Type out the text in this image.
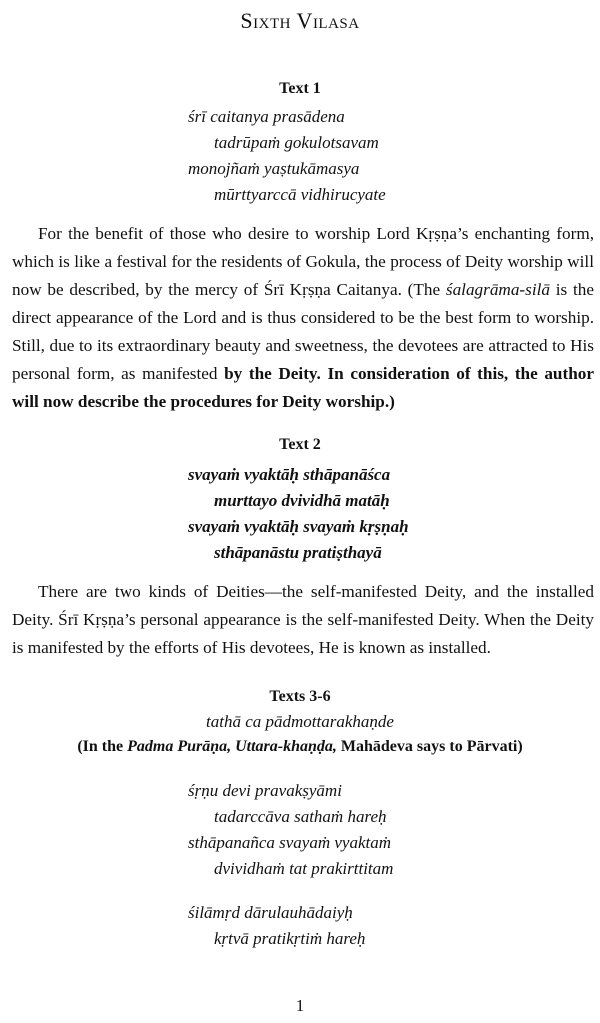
Sixth Vilasa
Text 1
śrī caitanya prasādena
tadrūpaṁ gokulotsavam
monojñaṁ yaṣtukāmasya
mūrttyarccā vidhirucyate
For the benefit of those who desire to worship Lord Kṛṣṇa’s enchanting form, which is like a festival for the residents of Gokula, the process of Deity worship will now be described, by the mercy of Śrī Kṛṣṇa Caitanya. (The śalagrāma-silā is the direct appearance of the Lord and is thus considered to be the best form to worship. Still, due to its extraordinary beauty and sweetness, the devotees are attracted to His personal form, as manifested by the Deity. In consideration of this, the author will now describe the procedures for Deity worship.)
Text 2
svayaṁ vyaktāḥ sthāpanāśca
murttayo dvividhā matāḥ
svayaṁ vyaktāḥ svayaṁ kṛṣṇaḥ
sthāpanāstu pratiṣthayā
There are two kinds of Deities—the self-manifested Deity, and the installed Deity. Śrī Kṛṣṇa’s personal appearance is the self-manifested Deity. When the Deity is manifested by the efforts of His devotees, He is known as installed.
Texts 3-6
tathā ca pādmottarakhaṇde
(In the Padma Purāṇa, Uttara-khaṇḍa, Mahādeva says to Pārvati)
śṛṇu devi pravakṣyāmi
tadarccāva sathaṁ hareḥ
sthāpanañca svayaṁ vyaktaṁ
dvividhaṁ tat prakirttitam
śilāmṛd dārulauhādaiyḥ
kṛtvā pratikṛtiṁ hareḥ
1
